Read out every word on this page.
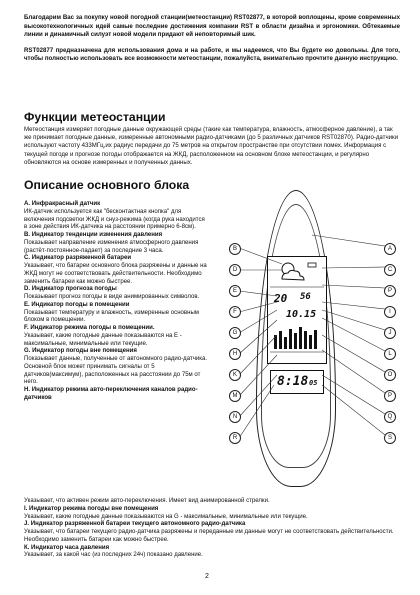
Благодарим Вас за покупку новой погодной станции(метеостанции) RST02877, в которой воплощены, кроме современных высокотехнологичных идей самые последние достижения компании RST в области дизайна и эргономики. Обтекаемые линии и динамичный силуэт новой модели придают ей неповторимый шик.

RST02877 предназначена для использования дома и на работе, и мы надеемся, что Вы будете ею довольны. Для того, чтобы полностью использовать все возможности метеостанции, пожалуйста, внимательно прочтите данную инструкцию.

Функции метеостанции

Метеостанция измеряет погодные данные окружающей среды (такие как температура, влажность, атмосферное давление), а так же принимает погодные данные, измеренные автономными радио-датчиками (до 5 различных датчиков RST02870). Радио-датчики используют частоту 433МГц,их радиус передачи до 75 метров на открытом пространстве при отсутствии помех. Информация с текущей погоде и прогнозе погоды отображается на ЖКД, расположенном на основном блоке метеостанции, и регулярно обновляются на основе измеренных и полученных данных.

Описание основного блока
А. Инфракрасный датчик

ИК-датчик используется как "бесконтактная кнопка" для включения подсветки ЖКД и снуз-режима (когда рука находится в зоне действия ИК-датчика на расстоянии примерно 6-8см).

В. Индикатор тенденции изменения давления

Показывает направление изменения атмосферного давления (растёт-постоянное-падает) за последние 3 часа.

С. Индикатор разряженной батареи

Указывает, что батареи основного блока разряжены и данные на ЖКД могут не соответствовать действительности. Необходимо заменить батареи как можно быстрее.

D. Индикатор прогноза погоды

Показывает прогноз погоды в виде анимированных символов.

Е. Индикатор погоды в помещении

Показывает температуру и влажность, измеренные основным блоком в помещении.

F. Индикатор режима погоды в помещении.

Указывает, какие погодные данные показываются на Е - максимальные, минимальные или текущие.

G. Индикатор погоды вне помещения

Показывает данные, полученные от автономного радио-датчика. Основной блок может принимать сигналы от 5 датчиков(максимум), расположенных на расстоянии до 75м от него.

Н. Индикатор режима авто-переключения каналов радио-датчиков

Указывает, что активен режим авто-переключения. Имеет вид анимированной стрелки.

I. Индикатор режима погоды вне помещения

Указывает, какие погодные данные показываются на G - максимальные, минимальные или текущие.

J. Индикатор разряженной батареи текущего автономного радио-датчика

Указывает, что батареи текущего радио-датчика разряжены и переданные им данные могут не соответствовать действительности. Необходимо заменить батареи как можно быстрее.

К. Индикатор часа давления

Указывает, за какой час (из последних 24ч) показано давление.

20 56
10.15
8:18 05
B
D
E
F
G
H
K
M
N
R
A
C
P
I
J
L
O
P
Q
S
2
